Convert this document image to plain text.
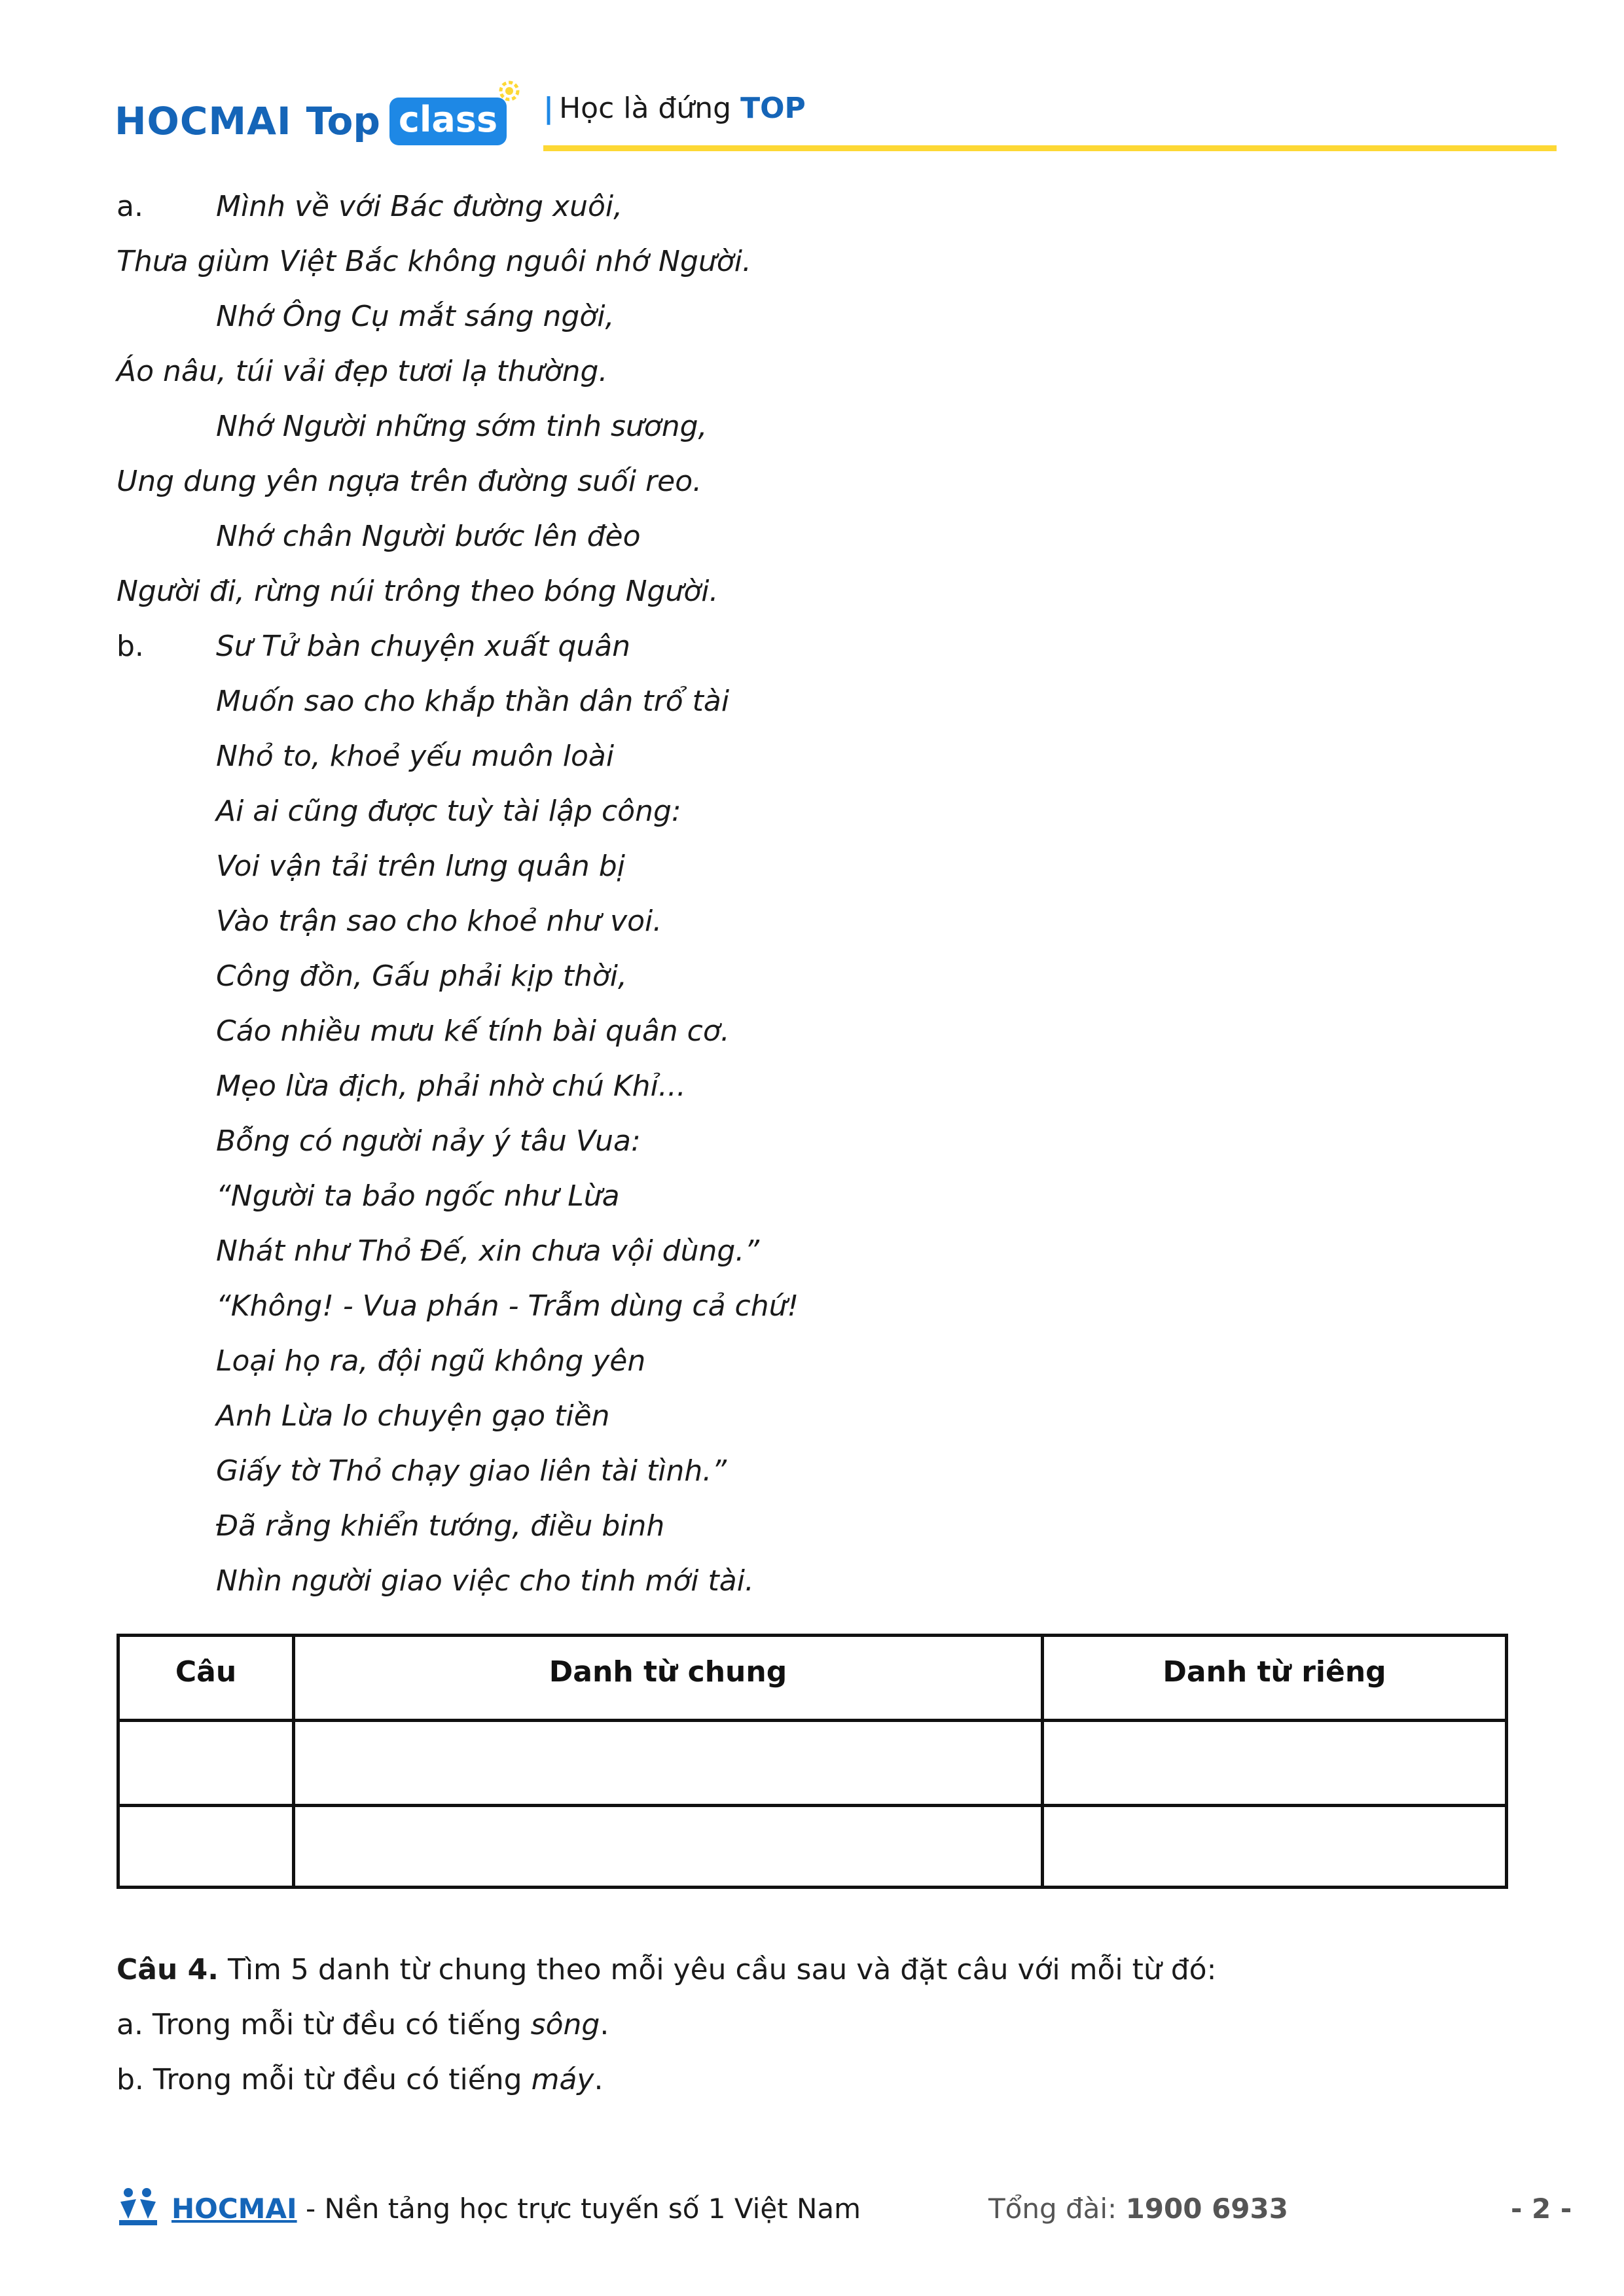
HOCMAI Top class	| Học là đứng TOP
a.	Mình về với Bác đường xuôi,
Thưa giùm Việt Bắc không nguôi nhớ Người.
Nhớ Ông Cụ mắt sáng ngời,
Áo nâu, túi vải đẹp tươi lạ thường.
Nhớ Người những sớm tinh sương,
Ung dung yên ngựa trên đường suối reo.
Nhớ chân Người bước lên đèo
Người đi, rừng núi trông theo bóng Người.
b.	Sư Tử bàn chuyện xuất quân
Muốn sao cho khắp thần dân trổ tài
Nhỏ to, khoẻ yếu muôn loài
Ai ai cũng được tuỳ tài lập công:
Voi vận tải trên lưng quân bị
Vào trận sao cho khoẻ như voi.
Công đồn, Gấu phải kịp thời,
Cáo nhiều mưu kế tính bài quân cơ.
Mẹo lừa địch, phải nhờ chú Khỉ...
Bỗng có người nảy ý tâu Vua:
“Người ta bảo ngốc như Lừa
Nhát như Thỏ Đế, xin chưa vội dùng.”
“Không! - Vua phán - Trẫm dùng cả chứ!
Loại họ ra, đội ngũ không yên
Anh Lừa lo chuyện gạo tiền
Giấy tờ Thỏ chạy giao liên tài tình.”
Đã rằng khiển tướng, điều binh
Nhìn người giao việc cho tinh mới tài.
Câu	Danh từ chung	Danh từ riêng
Câu 4. Tìm 5 danh từ chung theo mỗi yêu cầu sau và đặt câu với mỗi từ đó:
a. Trong mỗi từ đều có tiếng sông.
b. Trong mỗi từ đều có tiếng máy.
HOCMAI - Nền tảng học trực tuyến số 1 Việt Nam	Tổng đài: 1900 6933	- 2 -
